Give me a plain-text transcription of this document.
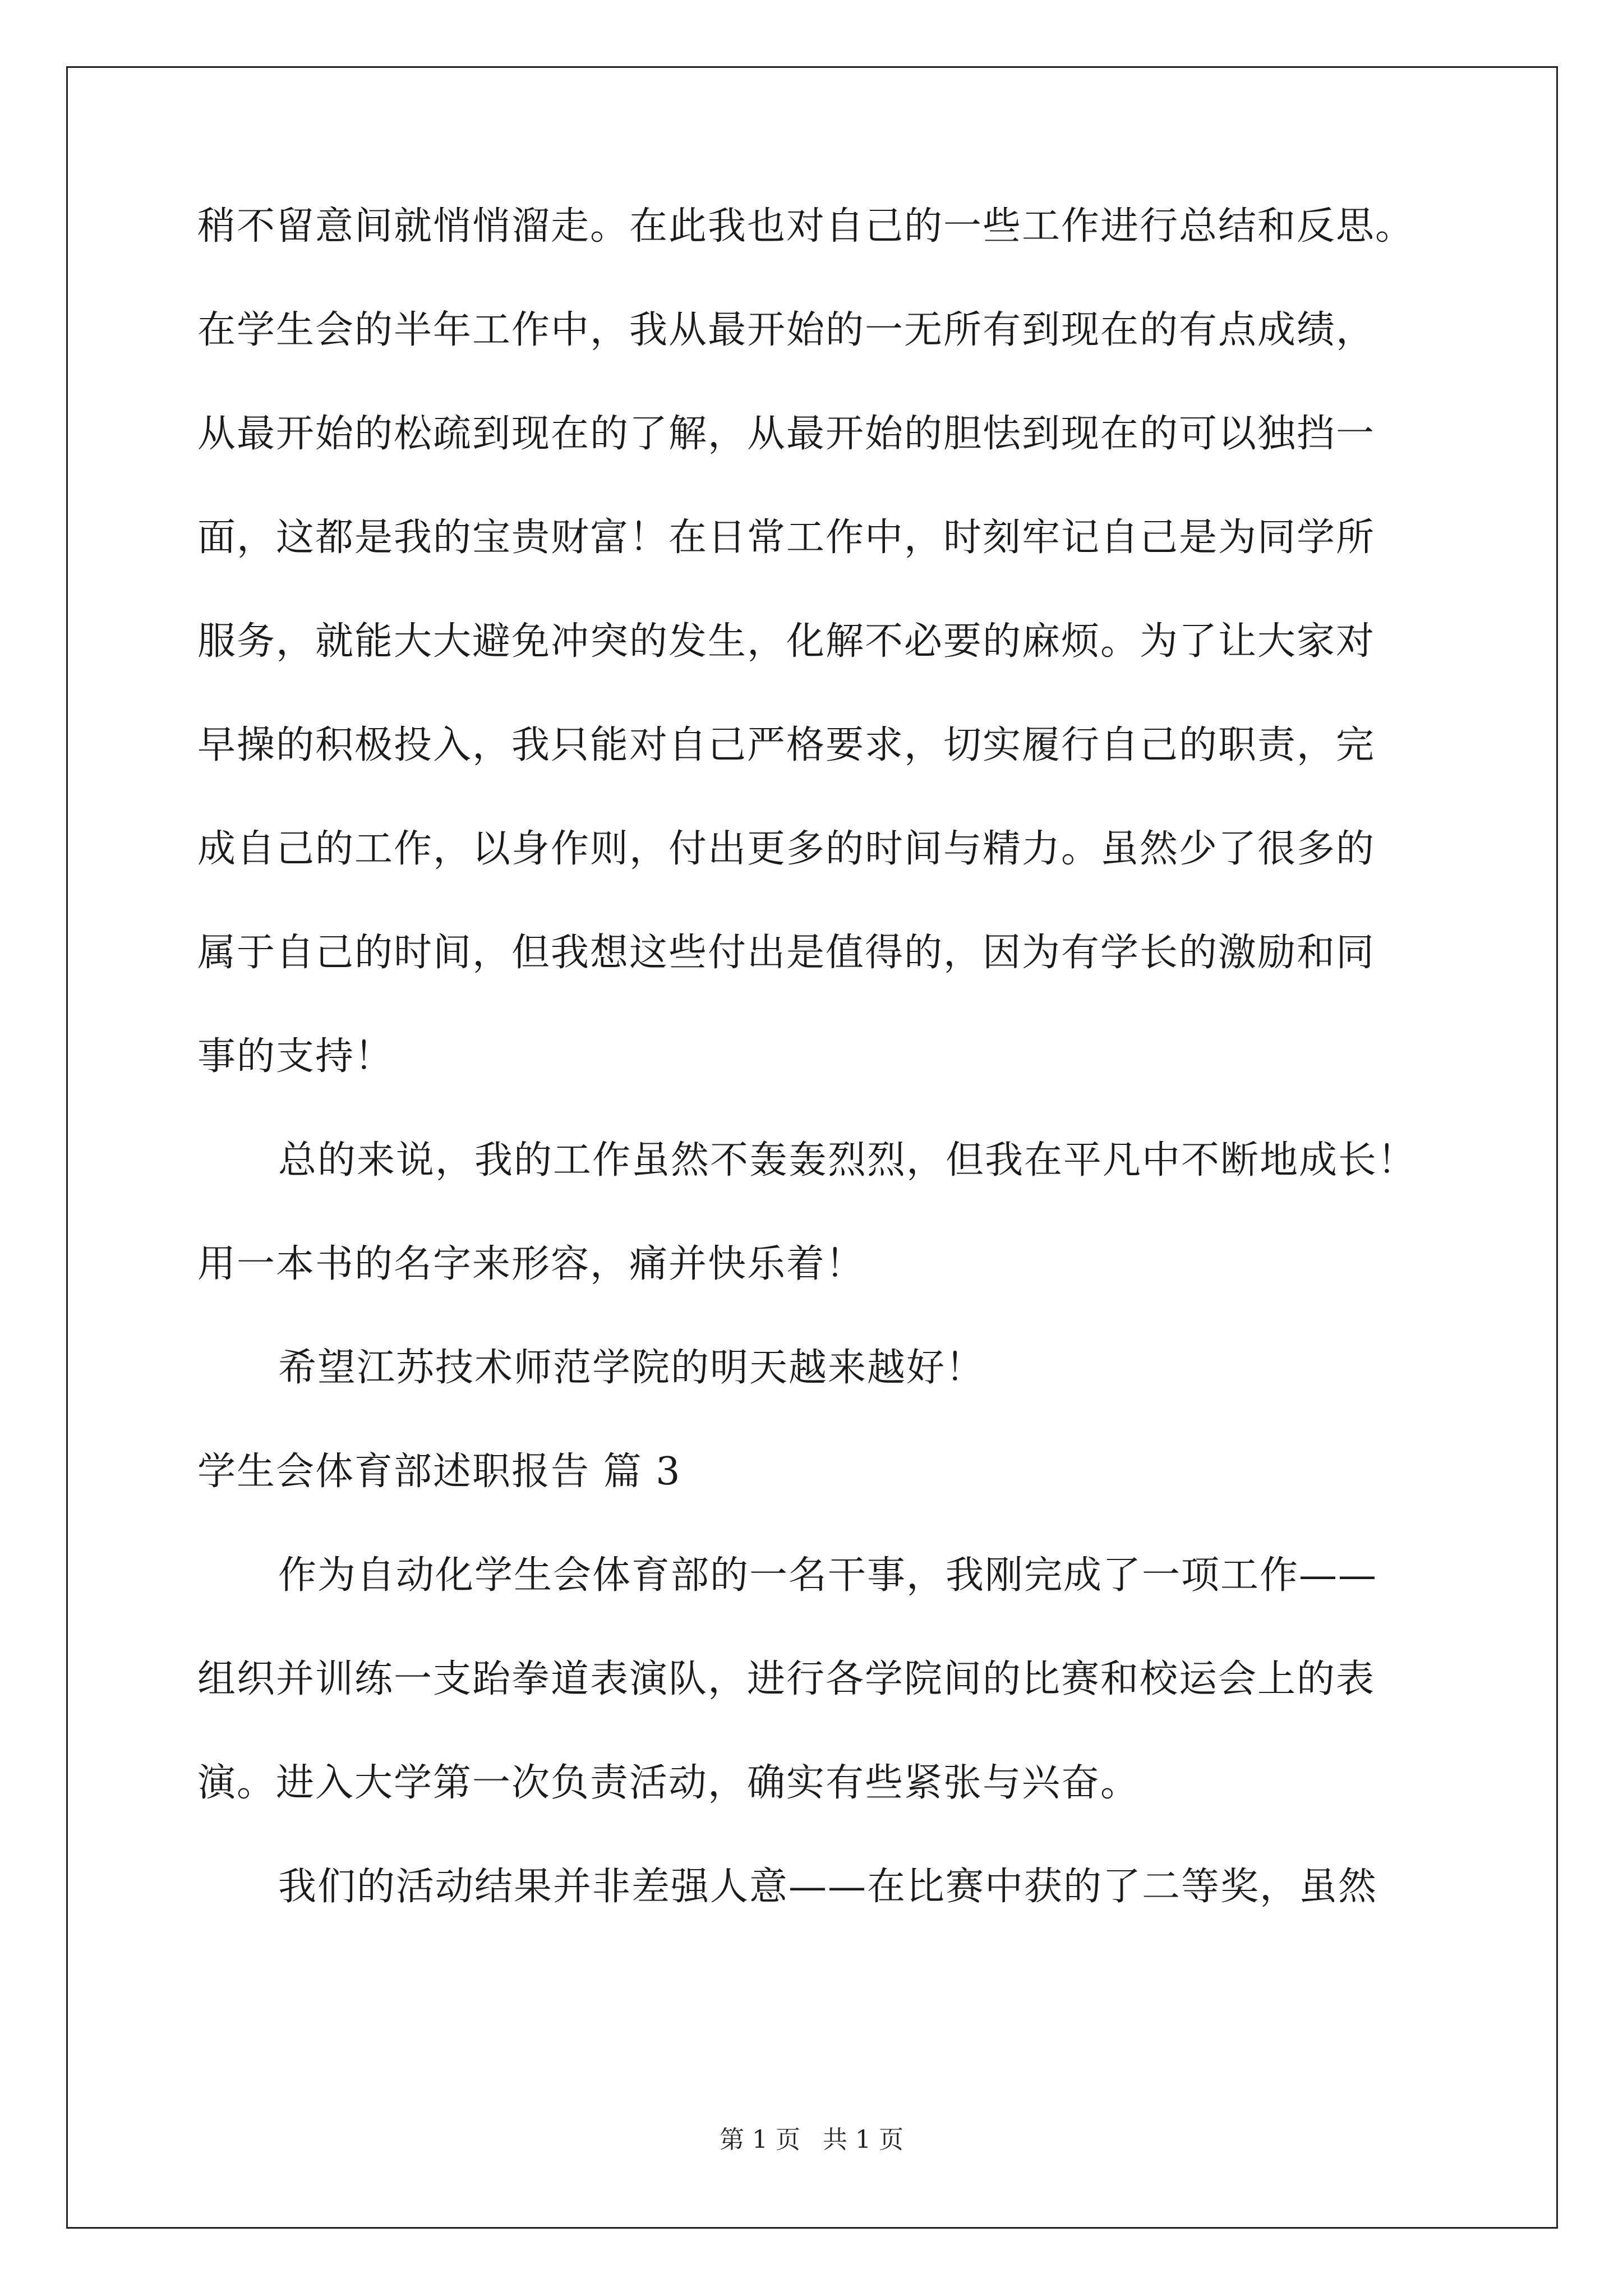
稍不留意间就悄悄溜走。在此我也对自己的一些工作进行总结和反思。
在学生会的半年工作中，我从最开始的一无所有到现在的有点成绩，
从最开始的松疏到现在的了解，从最开始的胆怯到现在的可以独挡一
面，这都是我的宝贵财富！在日常工作中，时刻牢记自己是为同学所
服务，就能大大避免冲突的发生，化解不必要的麻烦。为了让大家对
早操的积极投入，我只能对自己严格要求，切实履行自己的职责，完
成自己的工作，以身作则，付出更多的时间与精力。虽然少了很多的
属于自己的时间，但我想这些付出是值得的，因为有学长的激励和同
事的支持！
总的来说，我的工作虽然不轰轰烈烈，但我在平凡中不断地成长！
用一本书的名字来形容，痛并快乐着！
希望江苏技术师范学院的明天越来越好！
学生会体育部述职报告 篇 3
作为自动化学生会体育部的一名干事，我刚完成了一项工作——
组织并训练一支跆拳道表演队，进行各学院间的比赛和校运会上的表
演。进入大学第一次负责活动，确实有些紧张与兴奋。
我们的活动结果并非差强人意——在比赛中获的了二等奖，虽然
第 1 页 共 1 页
